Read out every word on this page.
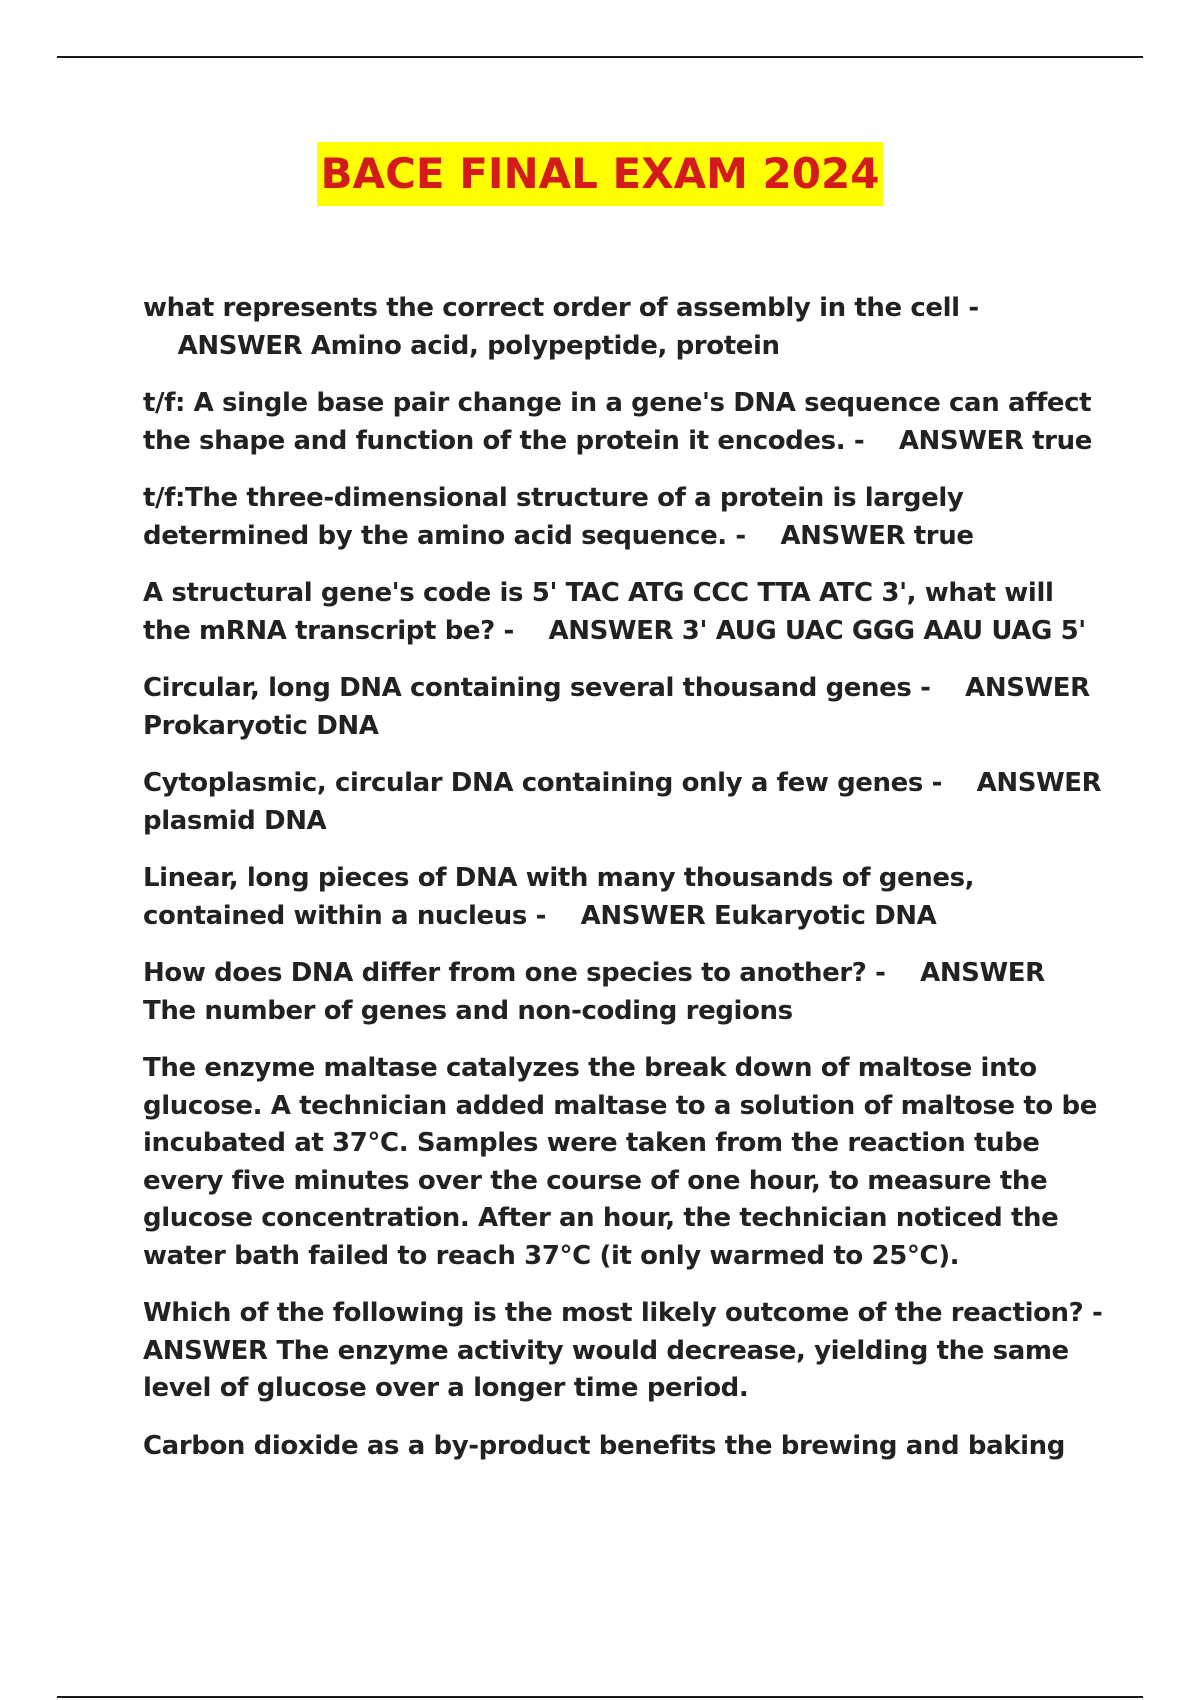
BACE FINAL EXAM 2024

what represents the correct order of assembly in the cell -    ANSWER Amino acid, polypeptide, protein

t/f: A single base pair change in a gene's DNA sequence can affect the shape and function of the protein it encodes. - ANSWER true

t/f:The three-dimensional structure of a protein is largely determined by the amino acid sequence. - ANSWER true

A structural gene's code is 5' TAC ATG CCC TTA ATC 3', what will the mRNA transcript be? - ANSWER 3' AUG UAC GGG AAU UAG 5'

Circular, long DNA containing several thousand genes - ANSWER Prokaryotic DNA

Cytoplasmic, circular DNA containing only a few genes - ANSWER plasmid DNA

Linear, long pieces of DNA with many thousands of genes, contained within a nucleus - ANSWER Eukaryotic DNA

How does DNA differ from one species to another? - ANSWER The number of genes and non-coding regions

The enzyme maltase catalyzes the break down of maltose into glucose. A technician added maltase to a solution of maltose to be incubated at 37°C. Samples were taken from the reaction tube every five minutes over the course of one hour, to measure the glucose concentration. After an hour, the technician noticed the water bath failed to reach 37°C (it only warmed to 25°C).

Which of the following is the most likely outcome of the reaction? - ANSWER The enzyme activity would decrease, yielding the same level of glucose over a longer time period.

Carbon dioxide as a by-product benefits the brewing and baking
